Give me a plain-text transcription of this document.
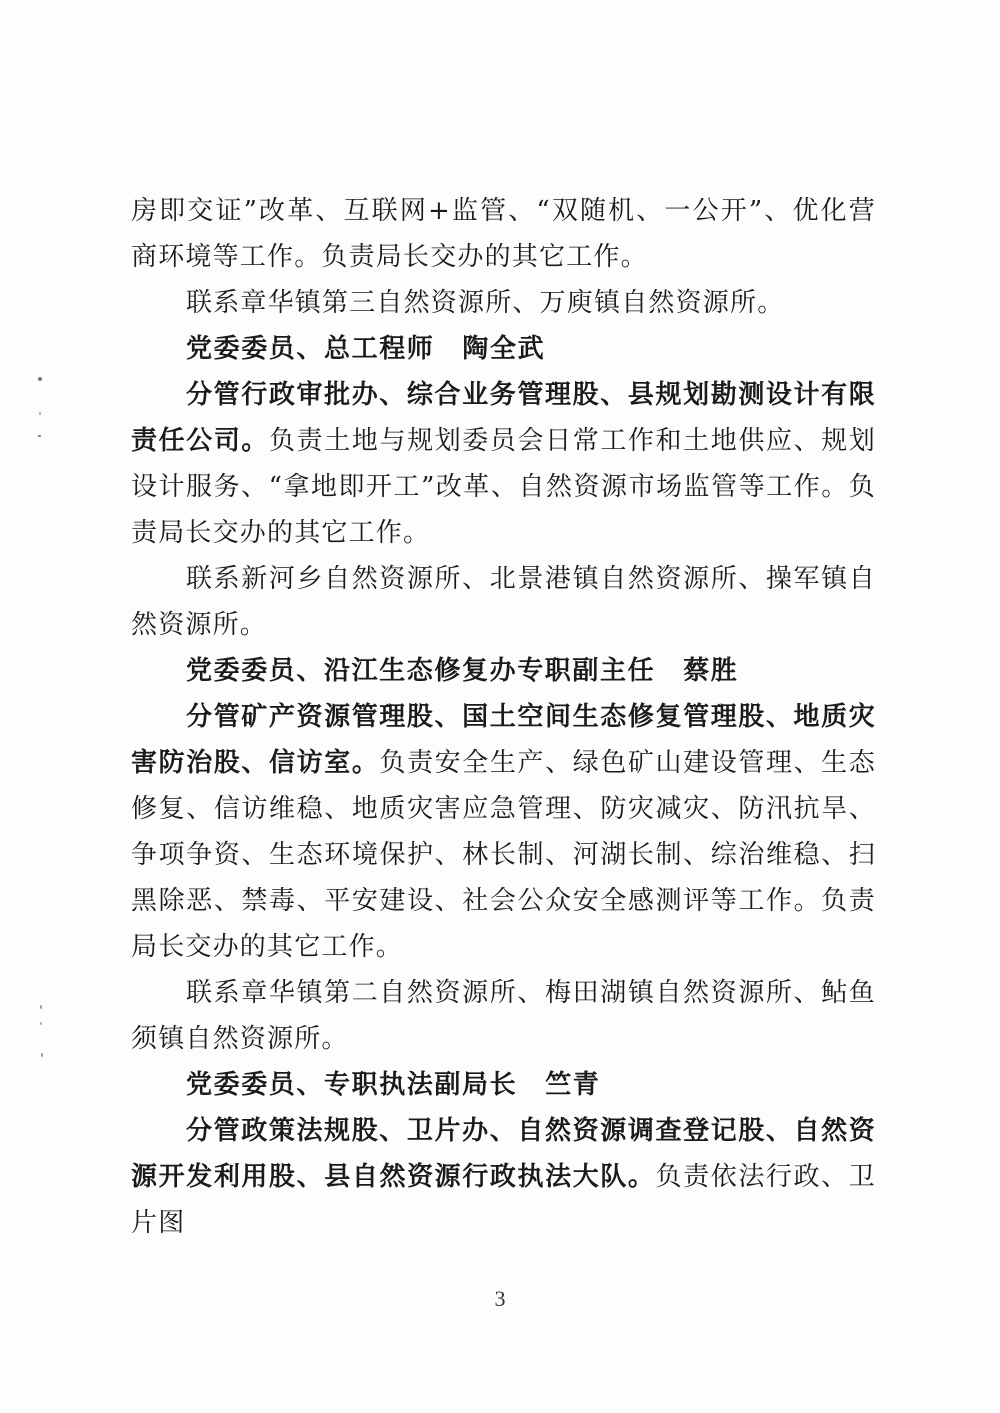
房即交证”改革、互联网+监管、“双随机、一公开”、优化营商环境等工作。负责局长交办的其它工作。

联系章华镇第三自然资源所、万庾镇自然资源所。

党委委员、总工程师 陶全武

分管行政审批办、综合业务管理股、县规划勘测设计有限责任公司。负责土地与规划委员会日常工作和土地供应、规划设计服务、“拿地即开工”改革、自然资源市场监管等工作。负责局长交办的其它工作。

联系新河乡自然资源所、北景港镇自然资源所、操军镇自然资源所。

党委委员、沿江生态修复办专职副主任 蔡胜

分管矿产资源管理股、国土空间生态修复管理股、地质灾害防治股、信访室。负责安全生产、绿色矿山建设管理、生态修复、信访维稳、地质灾害应急管理、防灾减灾、防汛抗旱、争项争资、生态环境保护、林长制、河湖长制、综治维稳、扫黑除恶、禁毒、平安建设、社会公众安全感测评等工作。负责局长交办的其它工作。

联系章华镇第二自然资源所、梅田湖镇自然资源所、鲇鱼须镇自然资源所。

党委委员、专职执法副局长 竺青

分管政策法规股、卫片办、自然资源调查登记股、自然资源开发利用股、县自然资源行政执法大队。负责依法行政、卫片图

3
